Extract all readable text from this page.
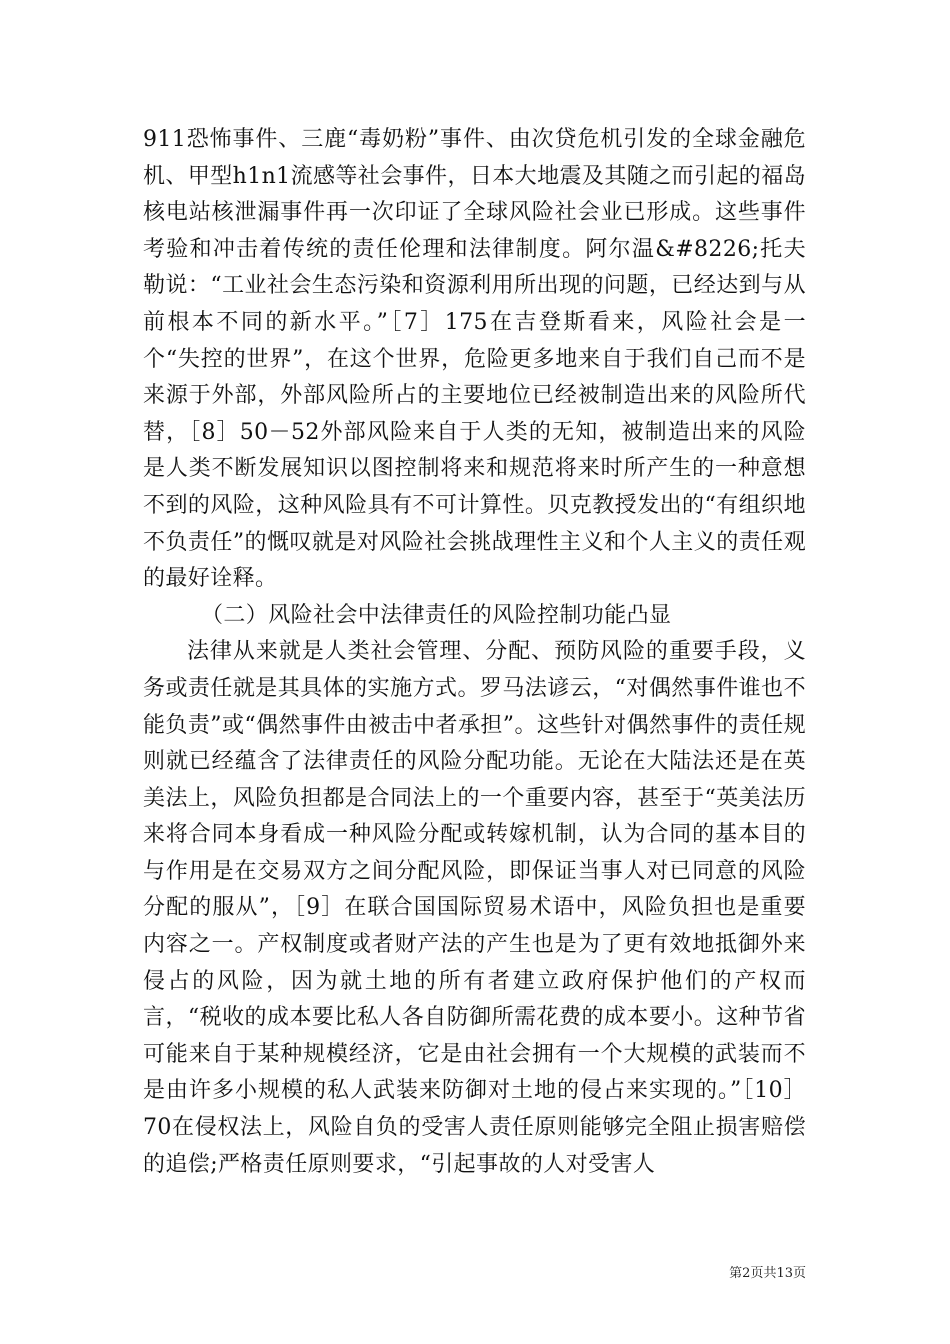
911恐怖事件、三鹿“毒奶粉”事件、由次贷危机引发的全球金融危机、甲型h1n1流感等社会事件，日本大地震及其随之而引起的福岛核电站核泄漏事件再一次印证了全球风险社会业已形成。这些事件考验和冲击着传统的责任伦理和法律制度。阿尔温&#8226;托夫勒说：“工业社会生态污染和资源利用所出现的问题，已经达到与从前根本不同的新水平。”［7］175在吉登斯看来，风险社会是一个“失控的世界”，在这个世界，危险更多地来自于我们自己而不是来源于外部，外部风险所占的主要地位已经被制造出来的风险所代替，［8］50－52外部风险来自于人类的无知，被制造出来的风险是人类不断发展知识以图控制将来和规范将来时所产生的一种意想不到的风险，这种风险具有不可计算性。贝克教授发出的“有组织地不负责任”的慨叹就是对风险社会挑战理性主义和个人主义的责任观的最好诠释。

（二）风险社会中法律责任的风险控制功能凸显

法律从来就是人类社会管理、分配、预防风险的重要手段，义务或责任就是其具体的实施方式。罗马法谚云，“对偶然事件谁也不能负责”或“偶然事件由被击中者承担”。这些针对偶然事件的责任规则就已经蕴含了法律责任的风险分配功能。无论在大陆法还是在英美法上，风险负担都是合同法上的一个重要内容，甚至于“英美法历来将合同本身看成一种风险分配或转嫁机制，认为合同的基本目的与作用是在交易双方之间分配风险，即保证当事人对已同意的风险分配的服从”，［9］在联合国国际贸易术语中，风险负担也是重要内容之一。产权制度或者财产法的产生也是为了更有效地抵御外来侵占的风险，因为就土地的所有者建立政府保护他们的产权而言，“税收的成本要比私人各自防御所需花费的成本要小。这种节省可能来自于某种规模经济，它是由社会拥有一个大规模的武装而不是由许多小规模的私人武装来防御对土地的侵占来实现的。”［10］70在侵权法上，风险自负的受害人责任原则能够完全阻止损害赔偿的追偿;严格责任原则要求，“引起事故的人对受害人

第2页共13页
